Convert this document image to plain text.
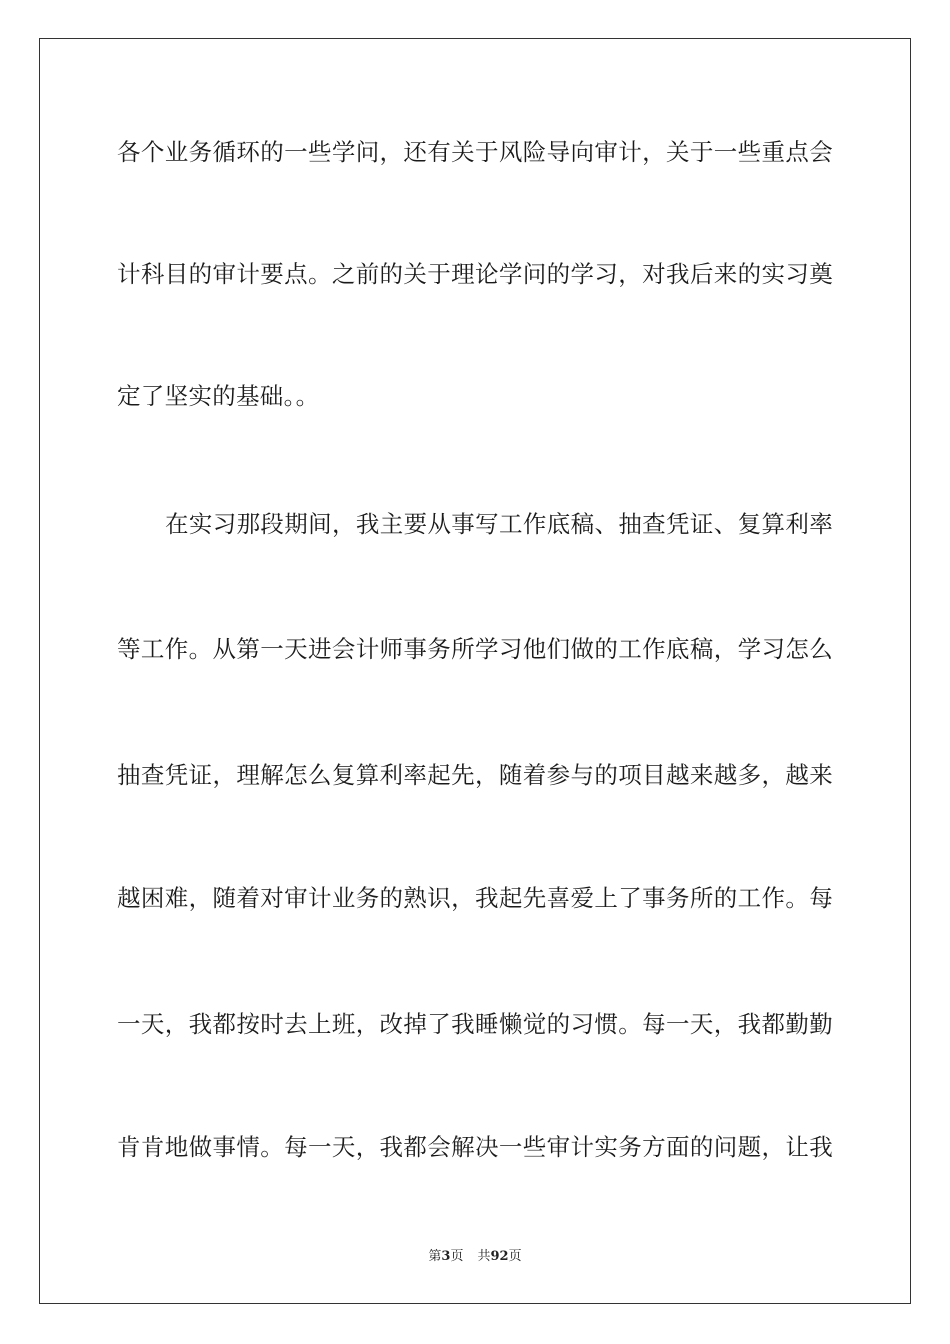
各个业务循环的一些学问，还有关于风险导向审计，关于一些重点会
计科目的审计要点。之前的关于理论学问的学习，对我后来的实习奠
定了坚实的基础。。
在实习那段期间，我主要从事写工作底稿、抽查凭证、复算利率
等工作。从第一天进会计师事务所学习他们做的工作底稿，学习怎么
抽查凭证，理解怎么复算利率起先，随着参与的项目越来越多，越来
越困难，随着对审计业务的熟识，我起先喜爱上了事务所的工作。每
一天，我都按时去上班，改掉了我睡懒觉的习惯。每一天，我都勤勤
肯肯地做事情。每一天，我都会解决一些审计实务方面的问题，让我
第3页 共92页
